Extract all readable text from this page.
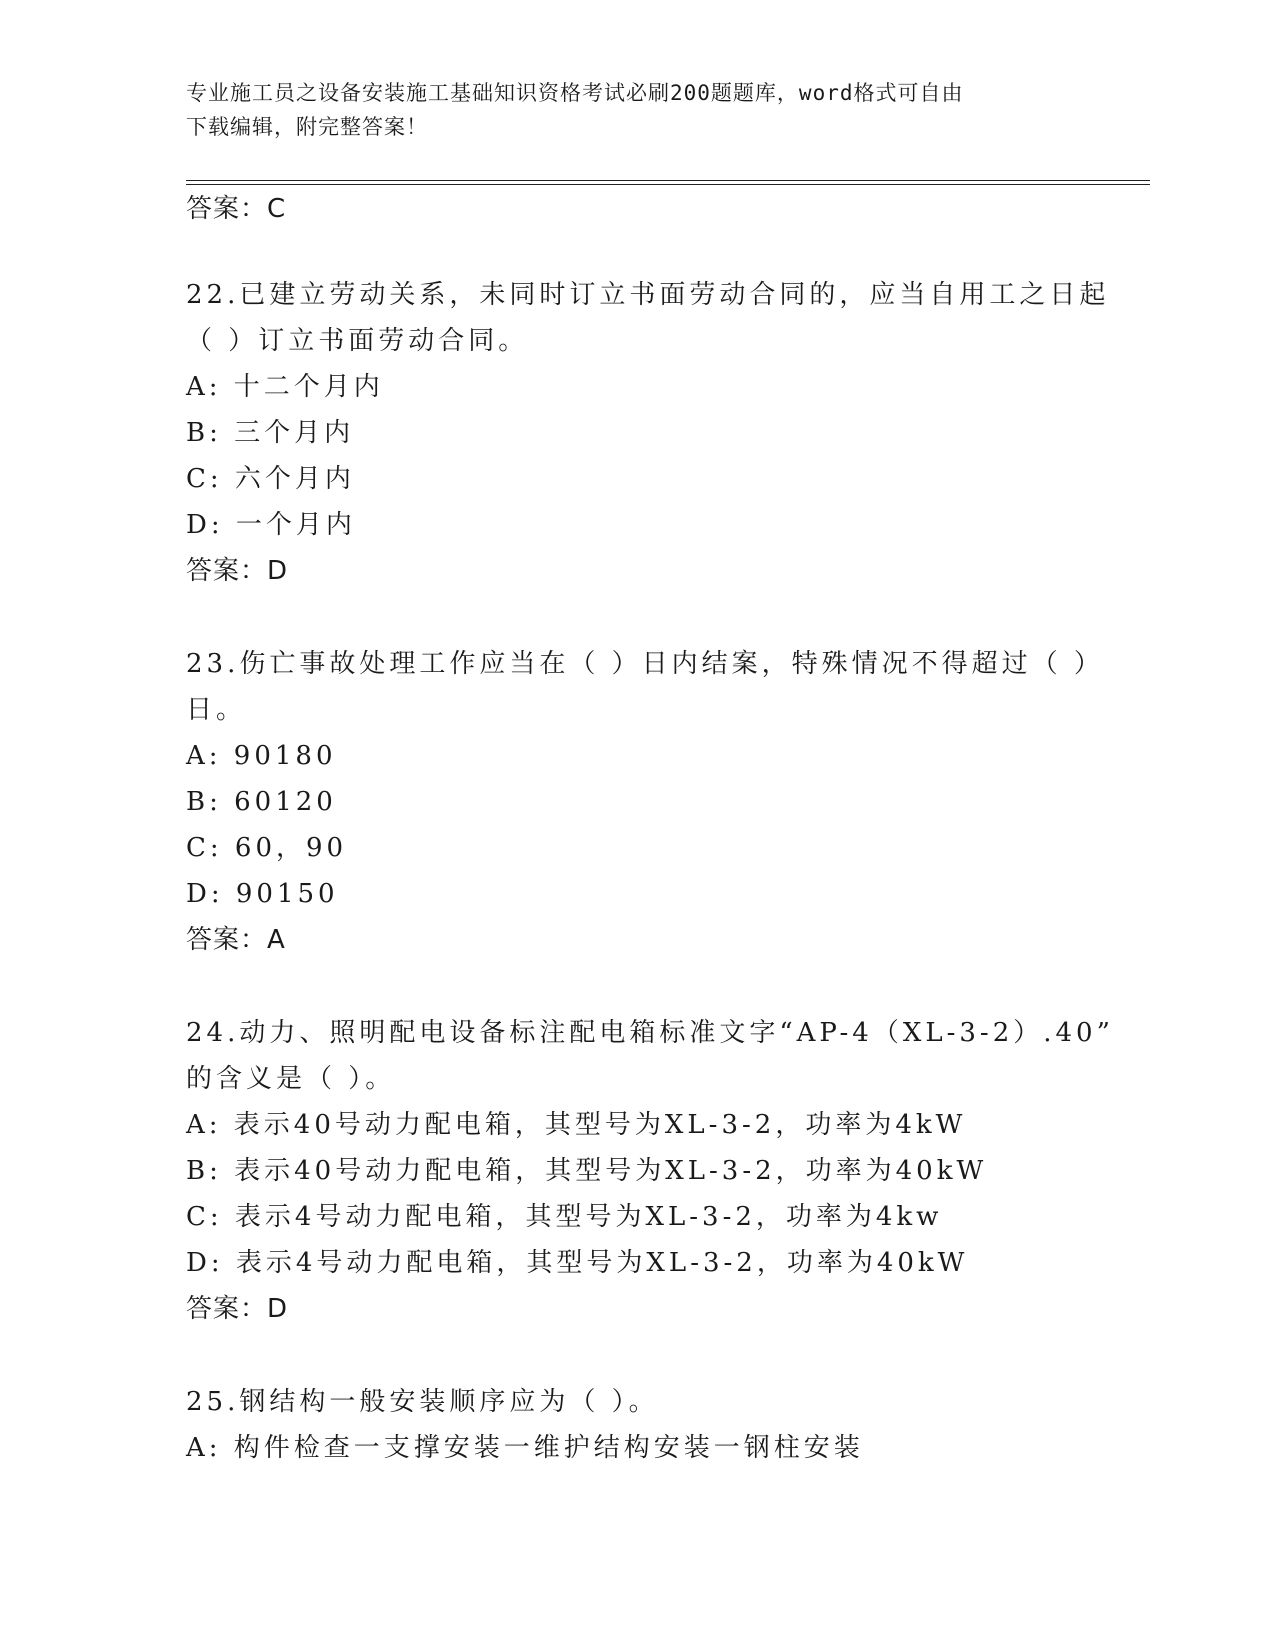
专业施工员之设备安装施工基础知识资格考试必刷200题题库，word格式可自由
下载编辑，附完整答案！
答案：C
22.已建立劳动关系，未同时订立书面劳动合同的，应当自用工之日起
（ ）订立书面劳动合同。
A: 十二个月内
B: 三个月内
C: 六个月内
D: 一个月内
答案：D
23.伤亡事故处理工作应当在（ ）日内结案，特殊情况不得超过（ ）
日。
A: 90180
B: 60120
C: 60，90
D: 90150
答案：A
24.动力、照明配电设备标注配电箱标准文字“AP-4（XL-3-2）.40”
的含义是（ ）。
A: 表示40号动力配电箱，其型号为XL-3-2，功率为4kW
B: 表示40号动力配电箱，其型号为XL-3-2，功率为40kW
C: 表示4号动力配电箱，其型号为XL-3-2，功率为4kw
D: 表示4号动力配电箱，其型号为XL-3-2，功率为40kW
答案：D
25.钢结构一般安装顺序应为（ ）。
A: 构件检查一支撑安装一维护结构安装一钢柱安装
